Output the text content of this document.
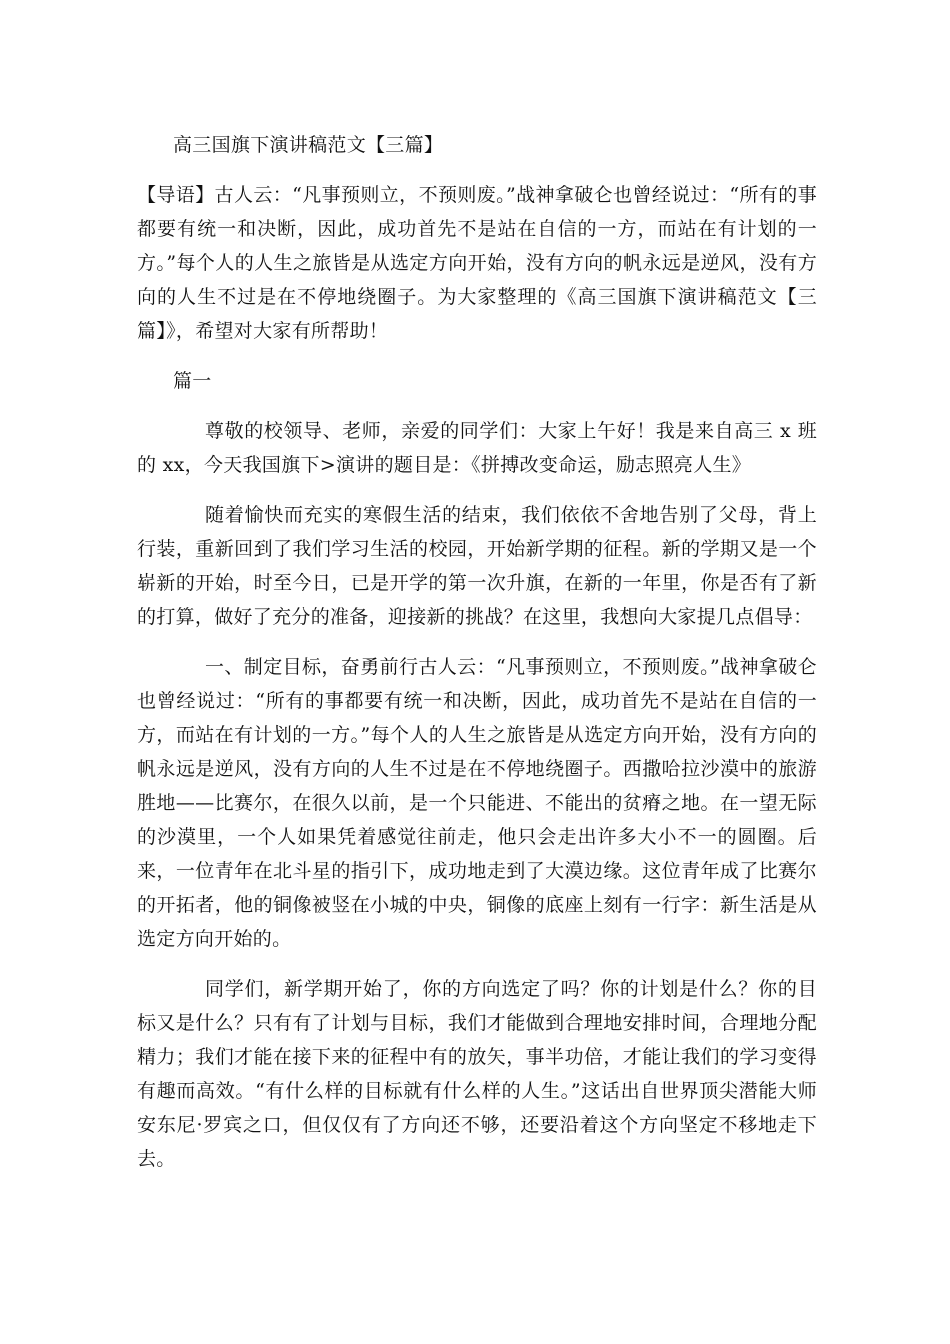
高三国旗下演讲稿范文【三篇】

【导语】古人云：“凡事预则立，不预则废。”战神拿破仑也曾经说过：“所有的事都要有统一和决断，因此，成功首先不是站在自信的一方，而站在有计划的一方。”每个人的人生之旅皆是从选定方向开始，没有方向的帆永远是逆风，没有方向的人生不过是在不停地绕圈子。为大家整理的《高三国旗下演讲稿范文【三篇】》，希望对大家有所帮助！

篇一

尊敬的校领导、老师，亲爱的同学们：大家上午好！我是来自高三 x 班的 xx，今天我国旗下>演讲的题目是：《拼搏改变命运，励志照亮人生》

随着愉快而充实的寒假生活的结束，我们依依不舍地告别了父母，背上行装，重新回到了我们学习生活的校园，开始新学期的征程。新的学期又是一个崭新的开始，时至今日，已是开学的第一次升旗，在新的一年里，你是否有了新的打算，做好了充分的准备，迎接新的挑战？在这里，我想向大家提几点倡导：

一、制定目标，奋勇前行古人云：“凡事预则立，不预则废。”战神拿破仑也曾经说过：“所有的事都要有统一和决断，因此，成功首先不是站在自信的一方，而站在有计划的一方。”每个人的人生之旅皆是从选定方向开始，没有方向的帆永远是逆风，没有方向的人生不过是在不停地绕圈子。西撒哈拉沙漠中的旅游胜地——比赛尔，在很久以前，是一个只能进、不能出的贫瘠之地。在一望无际的沙漠里，一个人如果凭着感觉往前走，他只会走出许多大小不一的圆圈。后来，一位青年在北斗星的指引下，成功地走到了大漠边缘。这位青年成了比赛尔的开拓者，他的铜像被竖在小城的中央，铜像的底座上刻有一行字：新生活是从选定方向开始的。

同学们，新学期开始了，你的方向选定了吗？你的计划是什么？你的目标又是什么？只有有了计划与目标，我们才能做到合理地安排时间，合理地分配精力；我们才能在接下来的征程中有的放矢，事半功倍，才能让我们的学习变得有趣而高效。“有什么样的目标就有什么样的人生。”这话出自世界顶尖潜能大师安东尼·罗宾之口，但仅仅有了方向还不够，还要沿着这个方向坚定不移地走下去。
